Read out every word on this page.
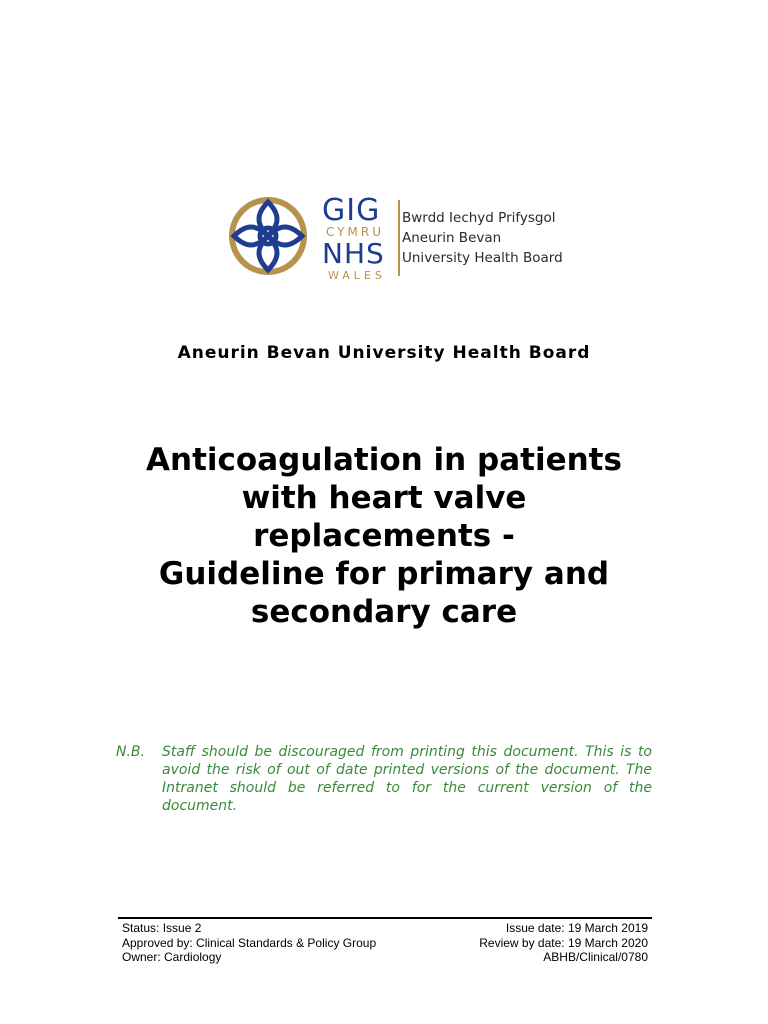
GIG
CYMRU
NHS
WALES
Bwrdd Iechyd Prifysgol
Aneurin Bevan
University Health Board
Aneurin Bevan University Health Board
Anticoagulation in patients
with heart valve
replacements -
Guideline for primary and
secondary care
N.B. Staff should be discouraged from printing this document. This is to avoid the risk of out of date printed versions of the document. The Intranet should be referred to for the current version of the document.
Status: Issue 2	Issue date: 19 March 2019
Approved by: Clinical Standards & Policy Group	Review by date: 19 March 2020
Owner: Cardiology	ABHB/Clinical/0780
